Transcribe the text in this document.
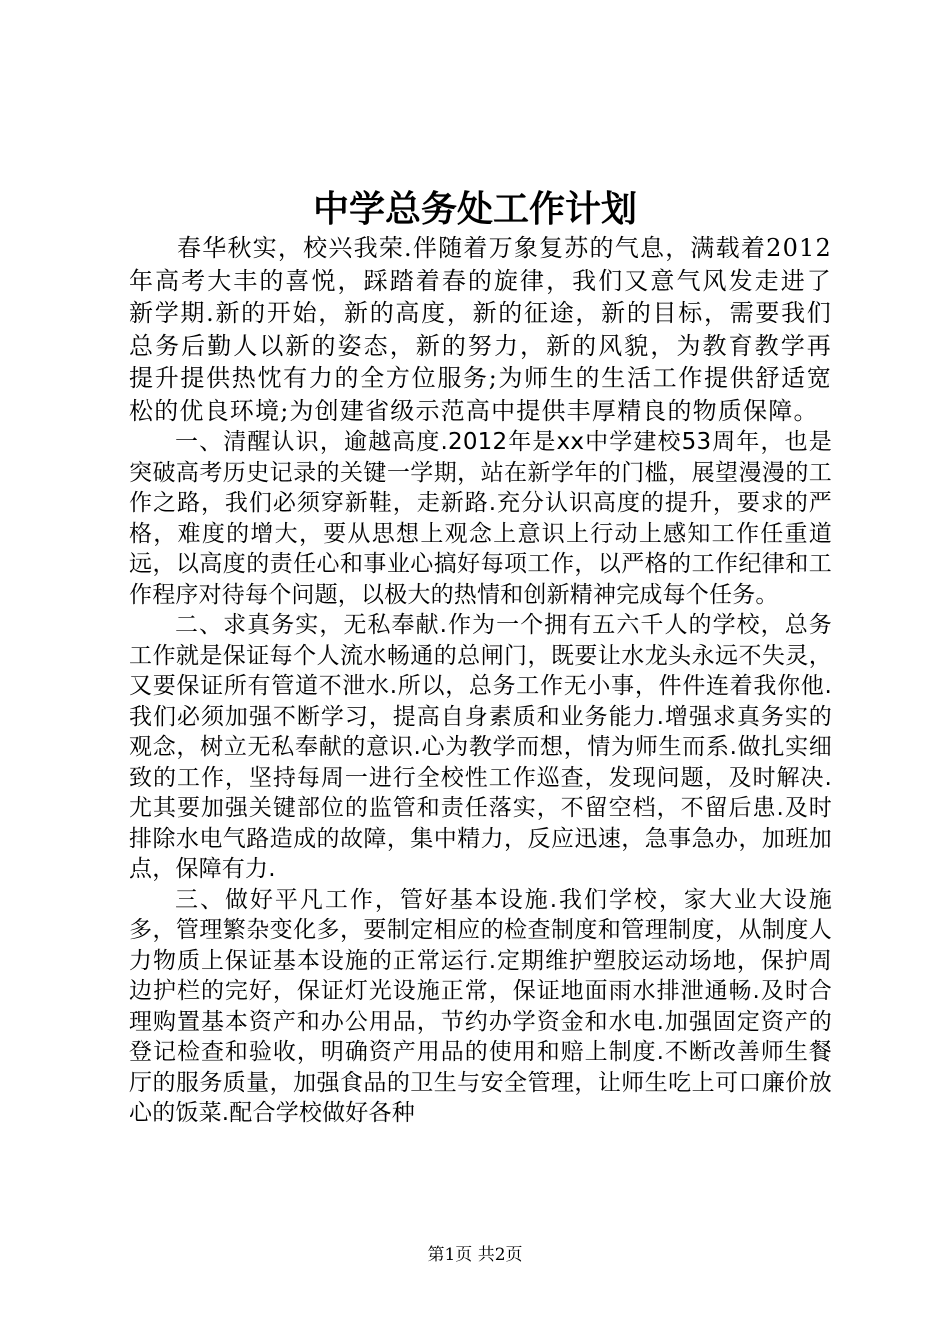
中学总务处工作计划

春华秋实，校兴我荣.伴随着万象复苏的气息，满载着2012年高考大丰的喜悦，踩踏着春的旋律，我们又意气风发走进了新学期.新的开始，新的高度，新的征途，新的目标，需要我们总务后勤人以新的姿态，新的努力，新的风貌，为教育教学再提升提供热忱有力的全方位服务;为师生的生活工作提供舒适宽松的优良环境;为创建省级示范高中提供丰厚精良的物质保障。

一、清醒认识，逾越高度.2012年是xx中学建校53周年，也是突破高考历史记录的关键一学期，站在新学年的门槛，展望漫漫的工作之路，我们必须穿新鞋，走新路.充分认识高度的提升，要求的严格，难度的增大，要从思想上观念上意识上行动上感知工作任重道远，以高度的责任心和事业心搞好每项工作，以严格的工作纪律和工作程序对待每个问题，以极大的热情和创新精神完成每个任务。

二、求真务实，无私奉献.作为一个拥有五六千人的学校，总务工作就是保证每个人流水畅通的总闸门，既要让水龙头永远不失灵，又要保证所有管道不泄水.所以，总务工作无小事，件件连着我你他.我们必须加强不断学习，提高自身素质和业务能力.增强求真务实的观念，树立无私奉献的意识.心为教学而想，情为师生而系.做扎实细致的工作，坚持每周一进行全校性工作巡查，发现问题，及时解决.尤其要加强关键部位的监管和责任落实，不留空档，不留后患.及时排除水电气路造成的故障，集中精力，反应迅速，急事急办，加班加点，保障有力.

三、做好平凡工作，管好基本设施.我们学校，家大业大设施多，管理繁杂变化多，要制定相应的检查制度和管理制度，从制度人力物质上保证基本设施的正常运行.定期维护塑胶运动场地，保护周边护栏的完好，保证灯光设施正常，保证地面雨水排泄通畅.及时合理购置基本资产和办公用品，节约办学资金和水电.加强固定资产的登记检查和验收，明确资产用品的使用和赔上制度.不断改善师生餐厅的服务质量，加强食品的卫生与安全管理，让师生吃上可口廉价放心的饭菜.配合学校做好各种

第1页 共2页
